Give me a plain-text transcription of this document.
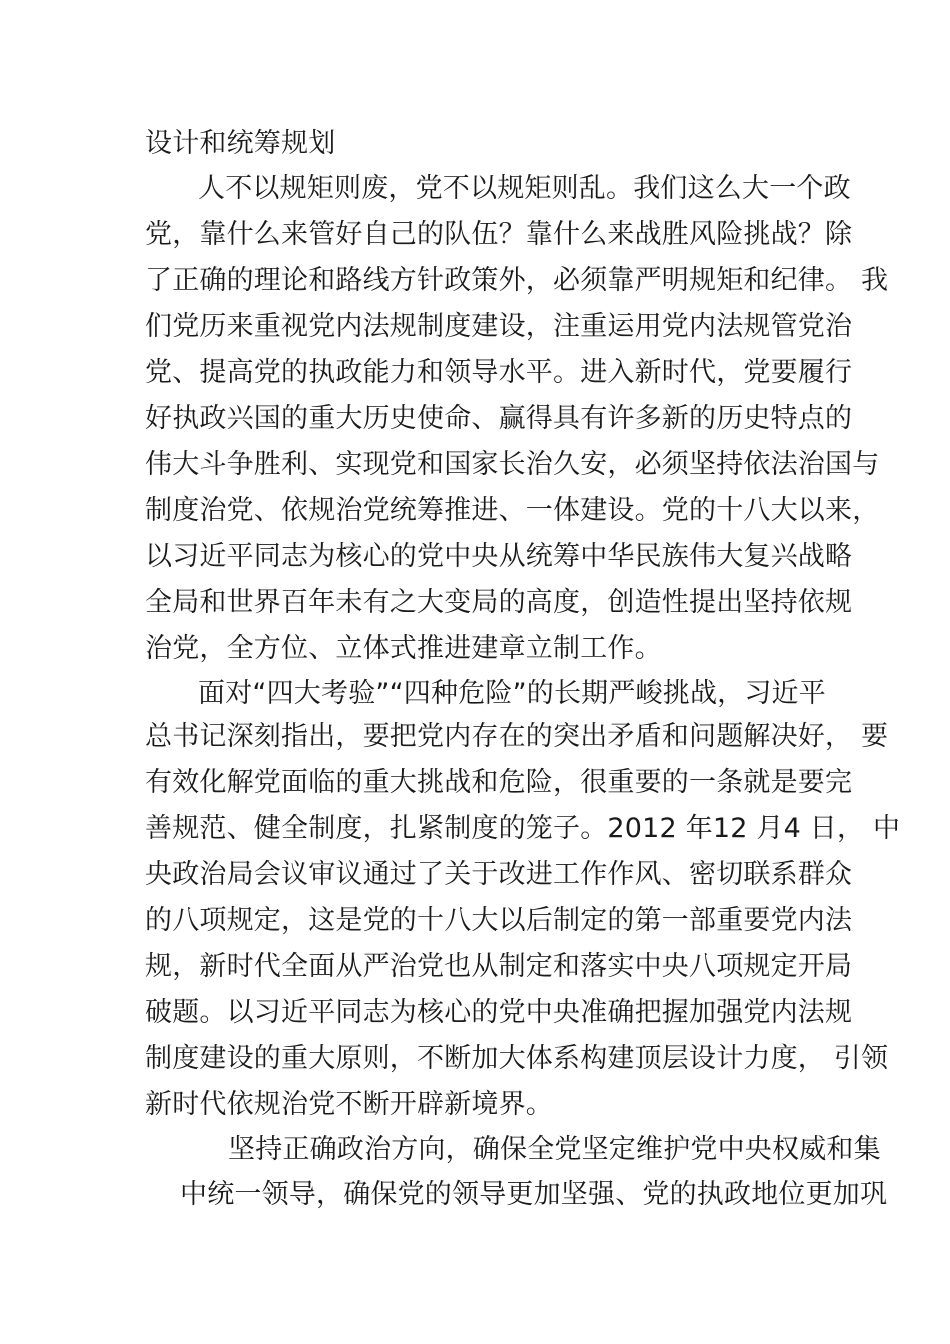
设计和统筹规划
人不以规矩则废，党不以规矩则乱。我们这么大一个政
党，靠什么来管好自己的队伍？靠什么来战胜风险挑战？除
了正确的理论和路线方针政策外，必须靠严明规矩和纪律。 我
们党历来重视党内法规制度建设，注重运用党内法规管党治
党、提高党的执政能力和领导水平。进入新时代，党要履行
好执政兴国的重大历史使命、赢得具有许多新的历史特点的
伟大斗争胜利、实现党和国家长治久安，必须坚持依法治国与
制度治党、依规治党统筹推进、一体建设。党的十八大以来，
以习近平同志为核心的党中央从统筹中华民族伟大复兴战略
全局和世界百年未有之大变局的高度，创造性提出坚持依规
治党，全方位、立体式推进建章立制工作。
面对“四大考验”“四种危险”的长期严峻挑战，习近平
总书记深刻指出，要把党内存在的突出矛盾和问题解决好， 要
有效化解党面临的重大挑战和危险，很重要的一条就是要完
善规范、健全制度，扎紧制度的笼子。2012 年12 月4 日， 中
央政治局会议审议通过了关于改进工作作风、密切联系群众
的八项规定，这是党的十八大以后制定的第一部重要党内法
规，新时代全面从严治党也从制定和落实中央八项规定开局
破题。以习近平同志为核心的党中央准确把握加强党内法规
制度建设的重大原则，不断加大体系构建顶层设计力度， 引领
新时代依规治党不断开辟新境界。
坚持正确政治方向，确保全党坚定维护党中央权威和集
中统一领导，确保党的领导更加坚强、党的执政地位更加巩
